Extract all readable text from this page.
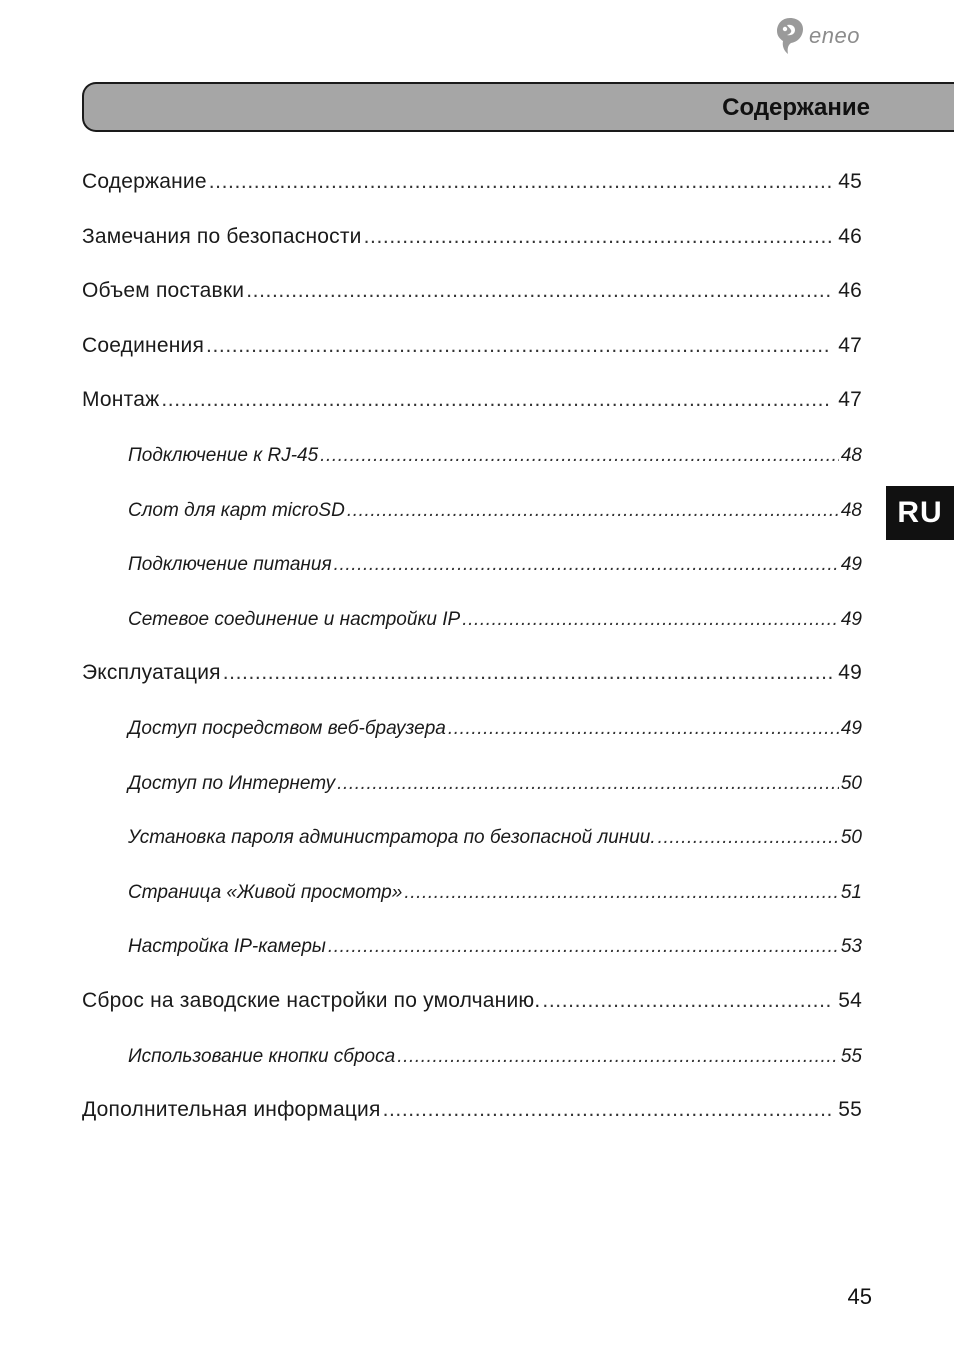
eneo
Содержание
RU
Содержание .....	45
Замечания по безопасности .....	46
Объем поставки .....	46
Соединения .....	47
Монтаж .....	47
Подключение к RJ-45 .....	48
Слот для карт microSD .....	48
Подключение питания .....	49
Сетевое соединение и настройки IP .....	49
Эксплуатация .....	49
Доступ посредством веб-браузера .....	49
Доступ по Интернету .....	50
Установка пароля администратора по безопасной линии. .....	50
Страница «Живой просмотр» .....	51
Настройка IP-камеры .....	53
Сброс на заводские настройки по умолчанию. .....	54
Использование кнопки сброса .....	55
Дополнительная информация .....	55
45
